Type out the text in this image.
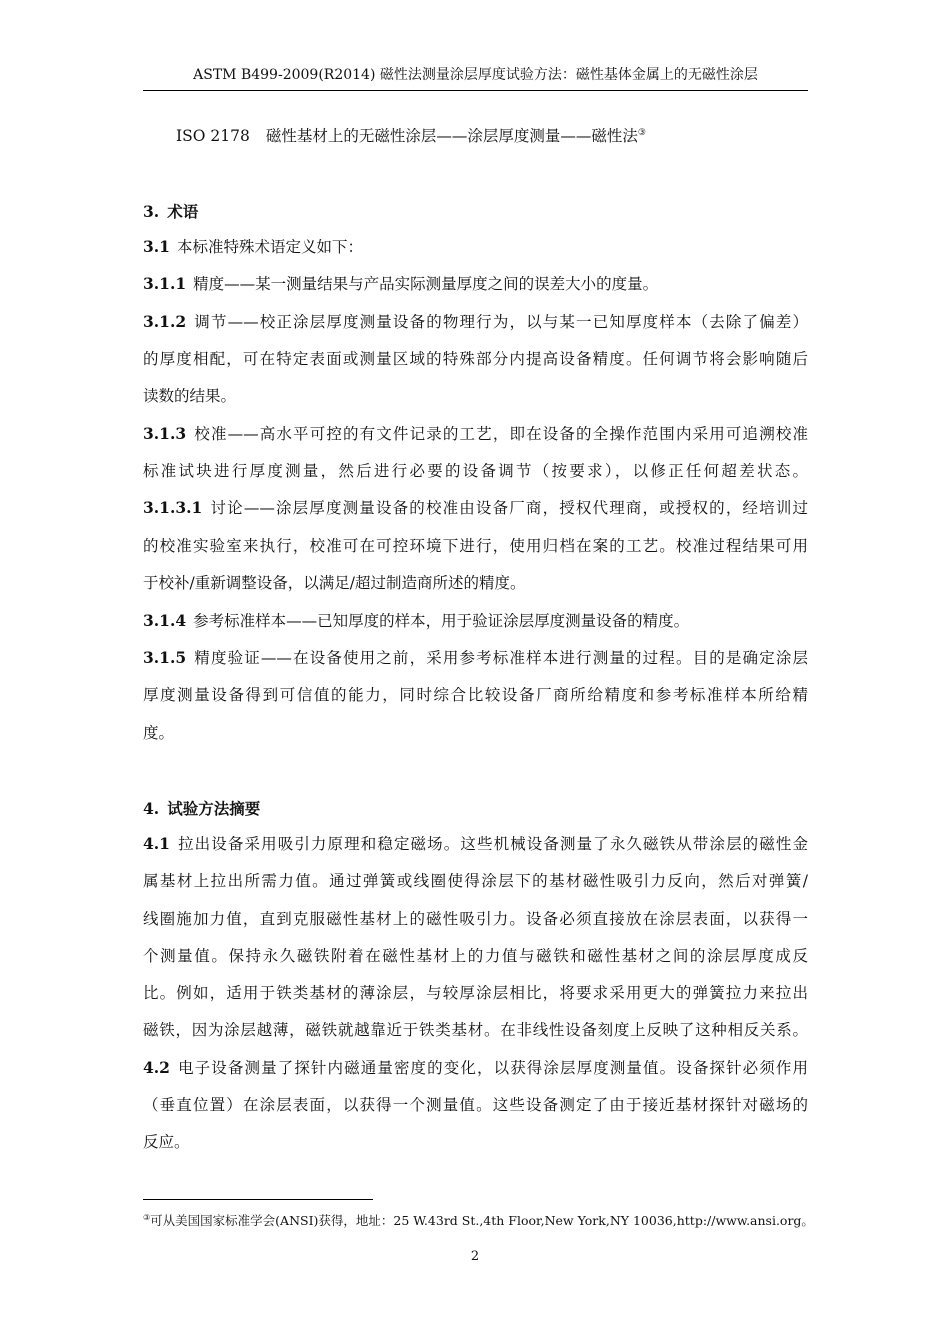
ASTM B499-2009(R2014) 磁性法测量涂层厚度试验方法：磁性基体金属上的无磁性涂层
ISO 2178 磁性基材上的无磁性涂层——涂层厚度测量——磁性法③
3. 术语
3.1 本标准特殊术语定义如下：
3.1.1 精度——某一测量结果与产品实际测量厚度之间的误差大小的度量。
3.1.2 调节——校正涂层厚度测量设备的物理行为，以与某一已知厚度样本（去除了偏差）
的厚度相配，可在特定表面或测量区域的特殊部分内提高设备精度。任何调节将会影响随后
读数的结果。
3.1.3 校准——高水平可控的有文件记录的工艺，即在设备的全操作范围内采用可追溯校准
标准试块进行厚度测量，然后进行必要的设备调节（按要求），以修正任何超差状态。
3.1.3.1 讨论——涂层厚度测量设备的校准由设备厂商，授权代理商，或授权的，经培训过
的校准实验室来执行，校准可在可控环境下进行，使用归档在案的工艺。校准过程结果可用
于校补/重新调整设备，以满足/超过制造商所述的精度。
3.1.4 参考标准样本——已知厚度的样本，用于验证涂层厚度测量设备的精度。
3.1.5 精度验证——在设备使用之前，采用参考标准样本进行测量的过程。目的是确定涂层
厚度测量设备得到可信值的能力，同时综合比较设备厂商所给精度和参考标准样本所给精
度。
4. 试验方法摘要
4.1 拉出设备采用吸引力原理和稳定磁场。这些机械设备测量了永久磁铁从带涂层的磁性金
属基材上拉出所需力值。通过弹簧或线圈使得涂层下的基材磁性吸引力反向，然后对弹簧/
线圈施加力值，直到克服磁性基材上的磁性吸引力。设备必须直接放在涂层表面，以获得一
个测量值。保持永久磁铁附着在磁性基材上的力值与磁铁和磁性基材之间的涂层厚度成反
比。例如，适用于铁类基材的薄涂层，与较厚涂层相比，将要求采用更大的弹簧拉力来拉出
磁铁，因为涂层越薄，磁铁就越靠近于铁类基材。在非线性设备刻度上反映了这种相反关系。
4.2 电子设备测量了探针内磁通量密度的变化，以获得涂层厚度测量值。设备探针必须作用
（垂直位置）在涂层表面，以获得一个测量值。这些设备测定了由于接近基材探针对磁场的
反应。
③可从美国国家标准学会(ANSI)获得，地址：25 W.43rd St.,4th Floor,New York,NY 10036,http://www.ansi.org。
2
